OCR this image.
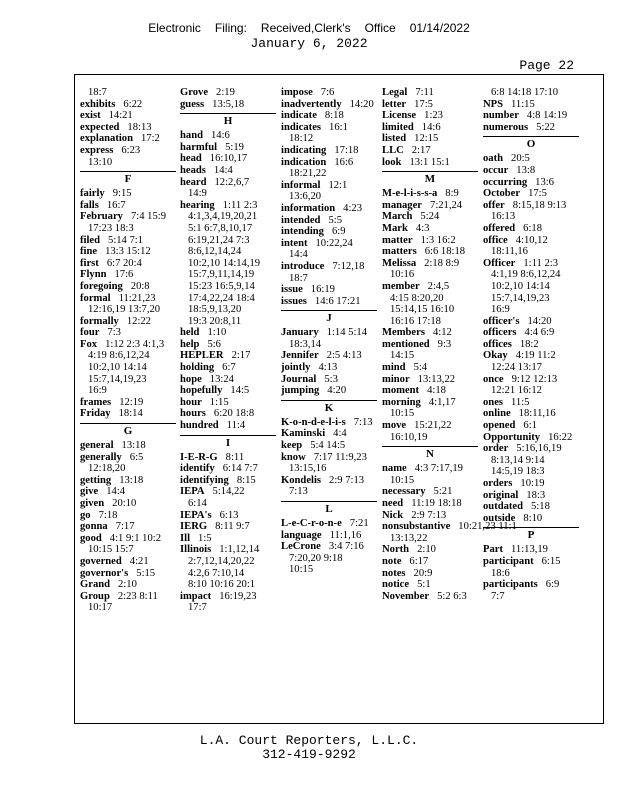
Electronic Filing: Received,Clerk's Office 01/14/2022
January 6, 2022
Page 22
18:7
exhibits 6:22
exist 14:21
expected 18:13
explanation 17:2
express 6:23
13:10
F
fairly 9:15
falls 16:7
February 7:4 15:9
17:23 18:3
filed 5:14 7:1
fine 13:3 15:12
first 6:7 20:4
Flynn 17:6
foregoing 20:8
formal 11:21,23
12:16,19 13:7,20
formally 12:22
four 7:3
Fox 1:12 2:3 4:1,3
4:19 8:6,12,24
10:2,10 14:14
15:7,14,19,23
16:9
frames 12:19
Friday 18:14
G
general 13:18
generally 6:5
12:18,20
getting 13:18
give 14:4
given 20:10
go 7:18
gonna 7:17
good 4:1 9:1 10:2
10:15 15:7
governed 4:21
governor's 5:15
Grand 2:10
Group 2:23 8:11
10:17
Grove 2:19
guess 13:5,18
H
hand 14:6
harmful 5:19
head 16:10,17
heads 14:4
heard 12:2,6,7
14:9
hearing 1:11 2:3
4:1,3,4,19,20,21
5:1 6:7,8,10,17
6:19,21,24 7:3
8:6,12,14,24
10:2,10 14:14,19
15:7,9,11,14,19
15:23 16:5,9,14
17:4,22,24 18:4
18:5,9,13,20
19:3 20:8,11
held 1:10
help 5:6
HEPLER 2:17
holding 6:7
hope 13:24
hopefully 14:5
hour 1:15
hours 6:20 18:8
hundred 11:4
I
I-E-R-G 8:11
identify 6:14 7:7
identifying 8:15
IEPA 5:14,22
6:14
IEPA's 6:13
IERG 8:11 9:7
Ill 1:5
Illinois 1:1,12,14
2:7,12,14,20,22
4:2,6 7:10,14
8:10 10:16 20:1
impact 16:19,23
17:7
impose 7:6
inadvertently 14:20
indicate 8:18
indicates 16:1
18:12
indicating 17:18
indication 16:6
18:21,22
informal 12:1
13:6,20
information 4:23
intended 5:5
intending 6:9
intent 10:22,24
14:4
introduce 7:12,18
18:7
issue 16:19
issues 14:6 17:21
J
January 1:14 5:14
18:3,14
Jennifer 2:5 4:13
jointly 4:13
Journal 5:3
jumping 4:20
K
K-o-n-d-e-l-i-s 7:13
Kaminski 4:4
keep 5:4 14:5
know 7:17 11:9,23
13:15,16
Kondelis 2:9 7:13
7:13
L
L-e-C-r-o-n-e 7:21
language 11:1,16
LeCrone 3:4 7:16
7:20,20 9:18
10:15
Legal 7:11
letter 17:5
License 1:23
limited 14:6
listed 12:15
LLC 2:17
look 13:1 15:1
M
M-e-l-i-s-s-a 8:9
manager 7:21,24
March 5:24
Mark 4:3
matter 1:3 16:2
matters 6:6 18:18
Melissa 2:18 8:9
10:16
member 2:4,5
4:15 8:20,20
15:14,15 16:10
16:16 17:18
Members 4:12
mentioned 9:3
14:15
mind 5:4
minor 13:13,22
moment 4:18
morning 4:1,17
10:15
move 15:21,22
16:10,19
N
name 4:3 7:17,19
10:15
necessary 5:21
need 11:19 18:18
Nick 2:9 7:13
nonsubstantive 10:21,23 11:1
13:13,22
North 2:10
note 6:17
notes 20:9
notice 5:1
November 5:2 6:3
6:8 14:18 17:10
NPS 11:15
number 4:8 14:19
numerous 5:22
O
oath 20:5
occur 13:8
occurring 13:6
October 17:5
offer 8:15,18 9:13
16:13
offered 6:18
office 4:10,12
18:11,16
Officer 1:11 2:3
4:1,19 8:6,12,24
10:2,10 14:14
15:7,14,19,23
16:9
officer's 14:20
officers 4:4 6:9
offices 18:2
Okay 4:19 11:2
12:24 13:17
once 9:12 12:13
12:21 16:12
ones 11:5
online 18:11,16
opened 6:1
Opportunity 16:22
order 5:16,16,19
8:13,14 9:14
14:5,19 18:3
orders 10:19
original 18:3
outdated 5:18
outside 8:10
P
Part 11:13,19
participant 6:15
18:6
participants 6:9
7:7
L.A. Court Reporters, L.L.C.
312-419-9292
